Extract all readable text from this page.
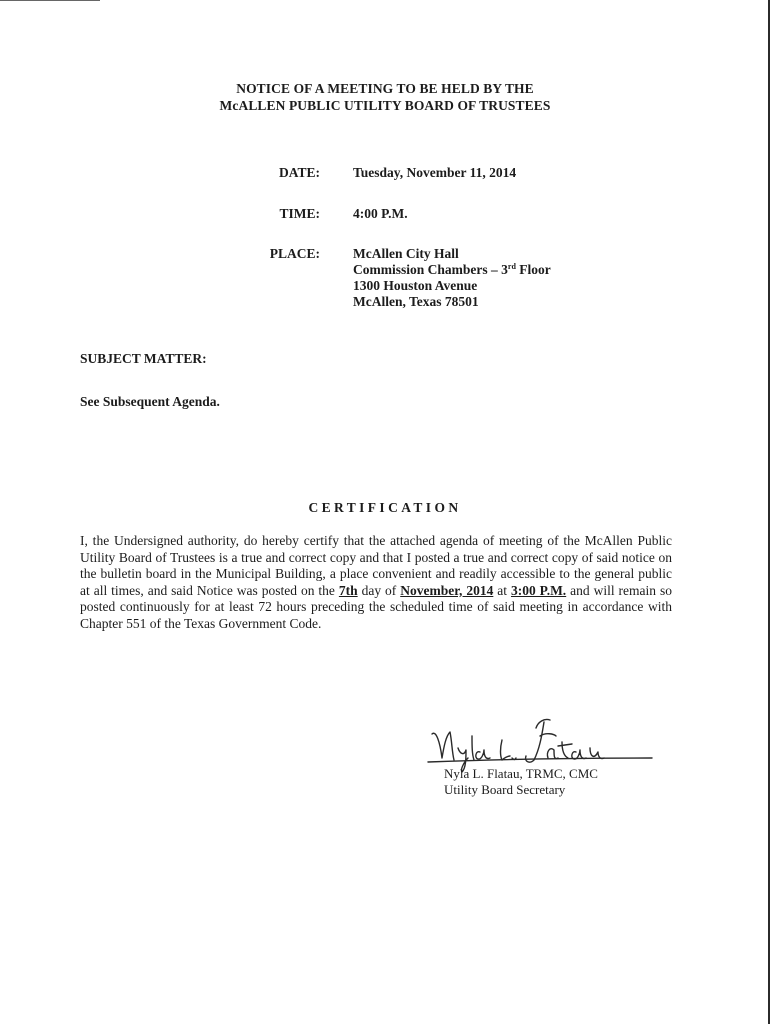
NOTICE OF A MEETING TO BE HELD BY THE
McALLEN PUBLIC UTILITY BOARD OF TRUSTEES
DATE: Tuesday, November 11, 2014
TIME: 4:00 P.M.
PLACE: McAllen City Hall
Commission Chambers – 3rd Floor
1300 Houston Avenue
McAllen, Texas 78501
SUBJECT MATTER:
See Subsequent Agenda.
CERTIFICATION
I, the Undersigned authority, do hereby certify that the attached agenda of meeting of the McAllen Public Utility Board of Trustees is a true and correct copy and that I posted a true and correct copy of said notice on the bulletin board in the Municipal Building, a place convenient and readily accessible to the general public at all times, and said Notice was posted on the 7th day of November, 2014 at 3:00 P.M. and will remain so posted continuously for at least 72 hours preceding the scheduled time of said meeting in accordance with Chapter 551 of the Texas Government Code.
Nyla L. Flatau, TRMC, CMC
Utility Board Secretary
